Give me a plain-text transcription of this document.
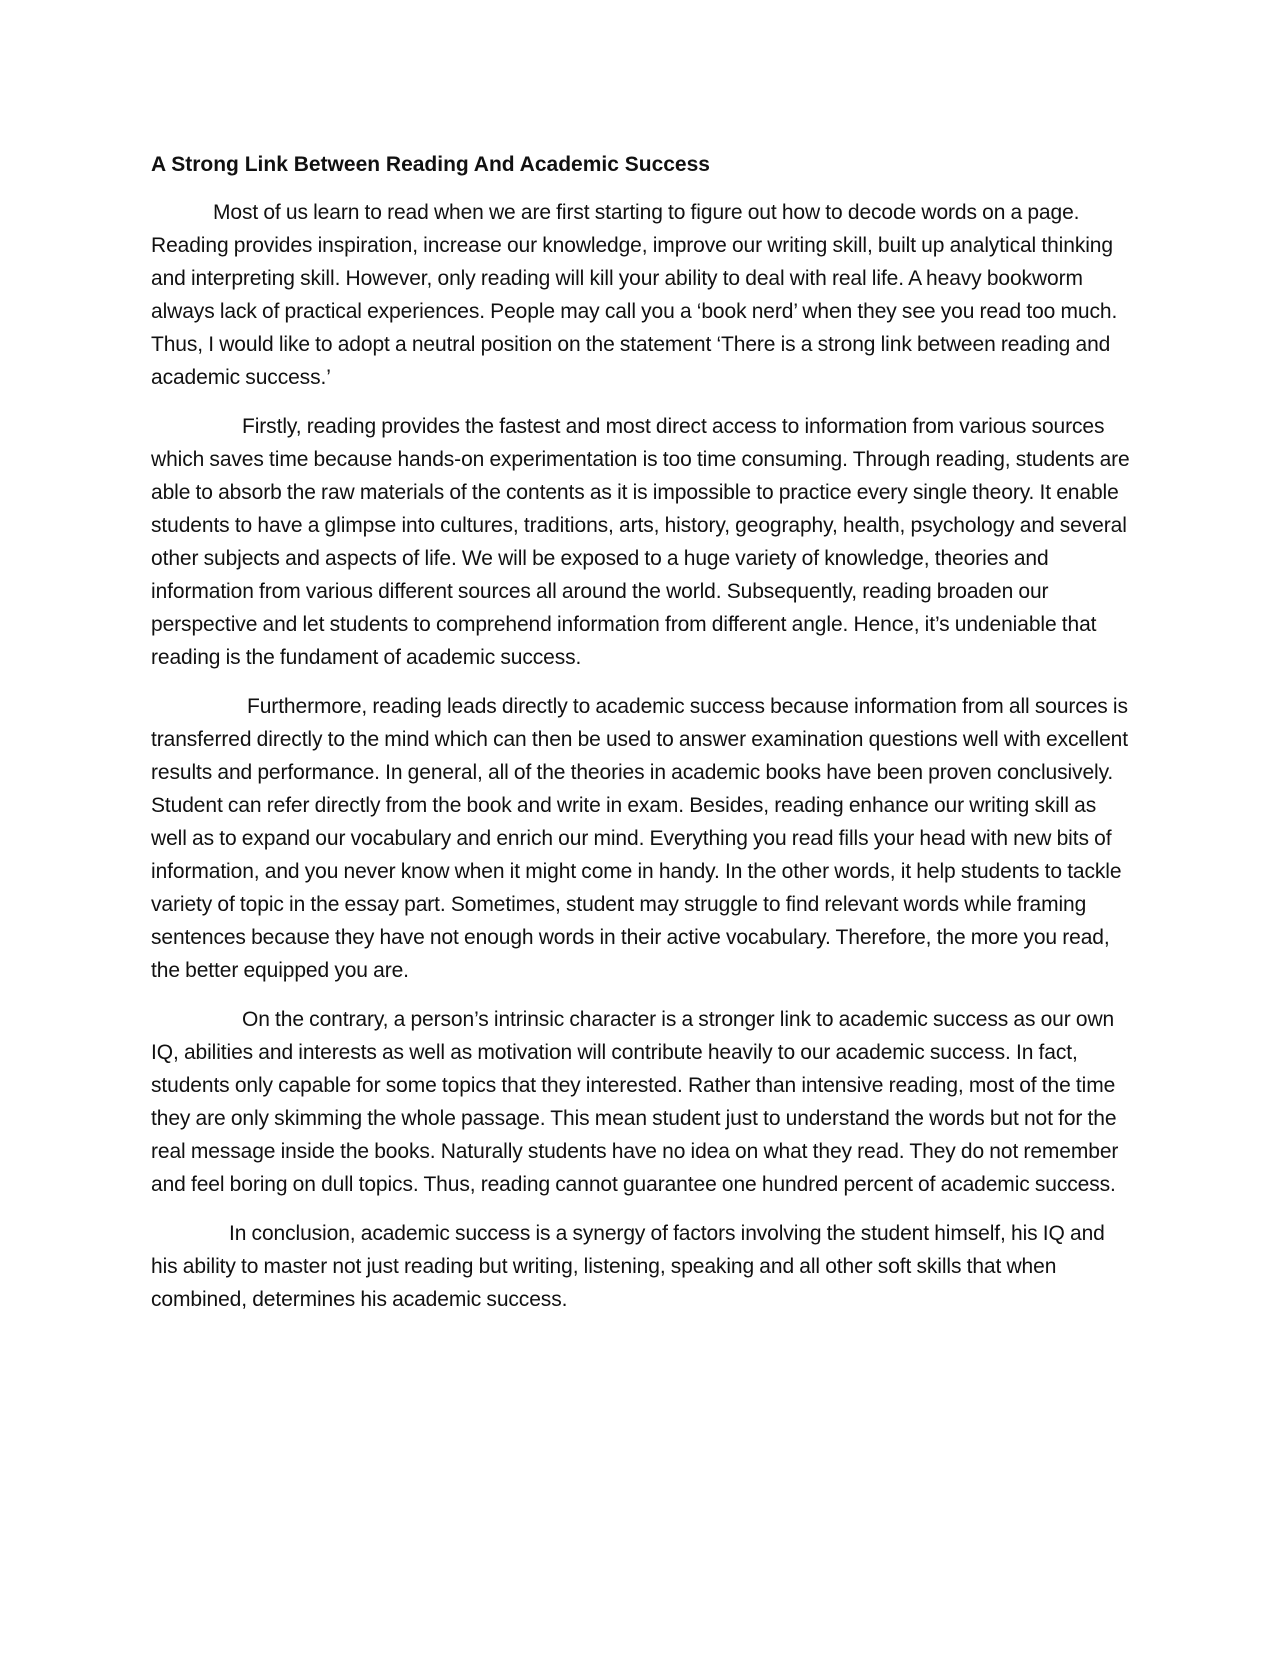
A Strong Link Between Reading And Academic Success

Most of us learn to read when we are first starting to figure out how to decode words on a page. Reading provides inspiration, increase our knowledge, improve our writing skill, built up analytical thinking and interpreting skill. However, only reading will kill your ability to deal with real life. A heavy bookworm always lack of practical experiences. People may call you a ‘book nerd’ when they see you read too much. Thus, I would like to adopt a neutral position on the statement ‘There is a strong link between reading and academic success.’

Firstly, reading provides the fastest and most direct access to information from various sources which saves time because hands-on experimentation is too time consuming. Through reading, students are able to absorb the raw materials of the contents as it is impossible to practice every single theory. It enable students to have a glimpse into cultures, traditions, arts, history, geography, health, psychology and several other subjects and aspects of life. We will be exposed to a huge variety of knowledge, theories and information from various different sources all around the world. Subsequently, reading broaden our perspective and let students to comprehend information from different angle. Hence, it’s undeniable that reading is the fundament of academic success.

Furthermore, reading leads directly to academic success because information from all sources is transferred directly to the mind which can then be used to answer examination questions well with excellent results and performance. In general, all of the theories in academic books have been proven conclusively. Student can refer directly from the book and write in exam. Besides, reading enhance our writing skill as well as to expand our vocabulary and enrich our mind. Everything you read fills your head with new bits of information, and you never know when it might come in handy. In the other words, it help students to tackle variety of topic in the essay part. Sometimes, student may struggle to find relevant words while framing sentences because they have not enough words in their active vocabulary. Therefore, the more you read, the better equipped you are.

On the contrary, a person’s intrinsic character is a stronger link to academic success as our own IQ, abilities and interests as well as motivation will contribute heavily to our academic success. In fact, students only capable for some topics that they interested. Rather than intensive reading, most of the time they are only skimming the whole passage. This mean student just to understand the words but not for the real message inside the books. Naturally students have no idea on what they read. They do not remember and feel boring on dull topics. Thus, reading cannot guarantee one hundred percent of academic success.

In conclusion, academic success is a synergy of factors involving the student himself, his IQ and his ability to master not just reading but writing, listening, speaking and all other soft skills that when combined, determines his academic success.
